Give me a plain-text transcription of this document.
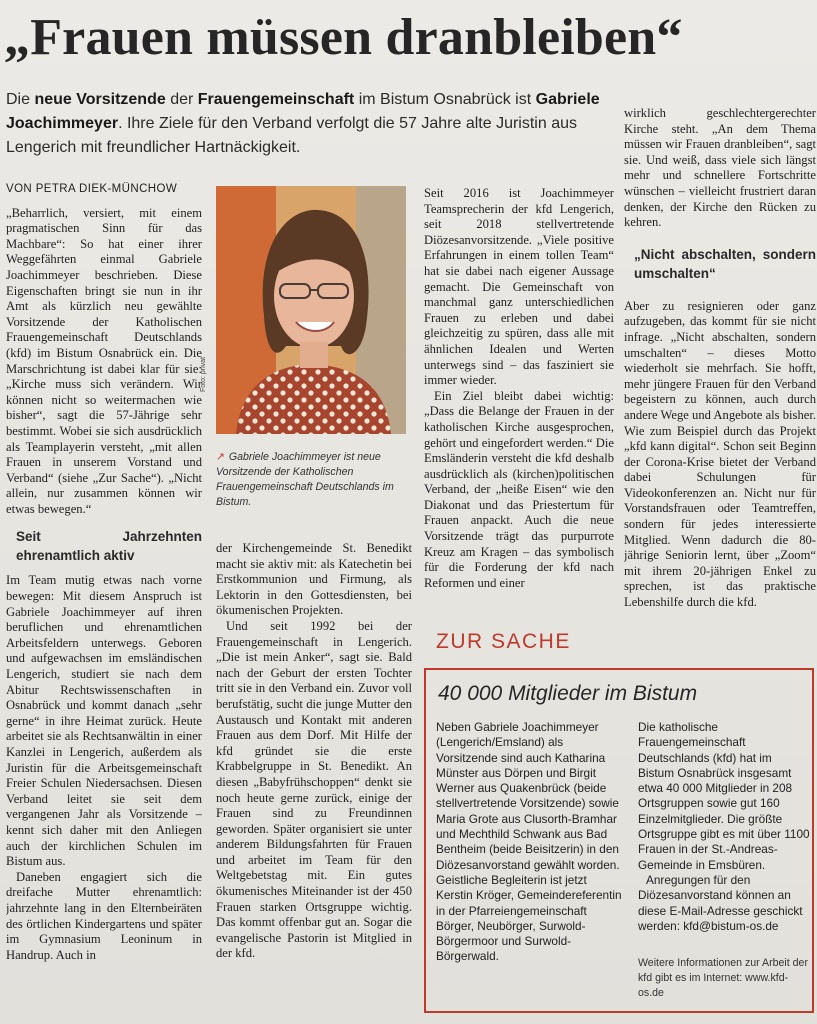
„Frauen müssen dranbleiben“
Die neue Vorsitzende der Frauengemeinschaft im Bistum Osnabrück ist Gabriele Joachimmeyer. Ihre Ziele für den Verband verfolgt die 57 Jahre alte Juristin aus Lengerich mit freundlicher Hartnäckigkeit.
VON PETRA DIEK-MÜNCHOW

„Beharrlich, versiert, mit einem pragmatischen Sinn für das Machbare“: So hat einer ihrer Weggefährten einmal Gabriele Joachimmeyer beschrieben. Diese Eigenschaften bringt sie nun in ihr Amt als kürzlich neu gewählte Vorsitzende der Katholischen Frauengemeinschaft Deutschlands (kfd) im Bistum Osnabrück ein. Die Marschrichtung ist dabei klar für sie: „Kirche muss sich verändern. Wir können nicht so weitermachen wie bisher“, sagt die 57-Jährige sehr bestimmt. Wobei sie sich ausdrücklich als Teamplayerin versteht, „mit allen Frauen in unserem Vorstand und Verband“ (siehe „Zur Sache“). „Nicht allein, nur zusammen können wir etwas bewegen.“

Seit Jahrzehnten ehrenamtlich aktiv

Im Team mutig etwas nach vorne bewegen: Mit diesem Anspruch ist Gabriele Joachimmeyer auf ihren beruflichen und ehrenamtlichen Arbeitsfeldern unterwegs. Geboren und aufgewachsen im emsländischen Lengerich, studiert sie nach dem Abitur Rechtswissenschaften in Osnabrück und kommt danach „sehr gerne“ in ihre Heimat zurück. Heute arbeitet sie als Rechtsanwältin in einer Kanzlei in Lengerich, außerdem als Juristin für die Arbeitsgemeinschaft Freier Schulen Niedersachsen. Diesen Verband leitet sie seit dem vergangenen Jahr als Vorsitzende – kennt sich daher mit den Anliegen auch der kirchlichen Schulen im Bistum aus.

Daneben engagiert sich die dreifache Mutter ehrenamtlich: jahrzehnte lang in den Elternbeiräten des örtlichen Kindergartens und später im Gymnasium Leoninum in Handrup. Auch in

Foto: privat
↗ Gabriele Joachimmeyer ist neue Vorsitzende der Katholischen Frauengemeinschaft Deutschlands im Bistum.

der Kirchengemeinde St. Benedikt macht sie aktiv mit: als Katechetin bei Erstkommunion und Firmung, als Lektorin in den Gottesdiensten, bei ökumenischen Projekten.

Und seit 1992 bei der Frauengemeinschaft in Lengerich. „Die ist mein Anker“, sagt sie. Bald nach der Geburt der ersten Tochter tritt sie in den Verband ein. Zuvor voll berufstätig, sucht die junge Mutter den Austausch und Kontakt mit anderen Frauen aus dem Dorf. Mit Hilfe der kfd gründet sie die erste Krabbelgruppe in St. Benedikt. An diesen „Babyfrühschoppen“ denkt sie noch heute gerne zurück, einige der Frauen sind zu Freundinnen geworden. Später organisiert sie unter anderem Bildungsfahrten für Frauen und arbeitet im Team für den Weltgebetstag mit. Ein gutes ökumenisches Miteinander ist der 450 Frauen starken Ortsgruppe wichtig. Das kommt offenbar gut an. Sogar die evangelische Pastorin ist Mitglied in der kfd.

Seit 2016 ist Joachimmeyer Teamsprecherin der kfd Lengerich, seit 2018 stellvertretende Diözesanvorsitzende. „Viele positive Erfahrungen in einem tollen Team“ hat sie dabei nach eigener Aussage gemacht. Die Gemeinschaft von manchmal ganz unterschiedlichen Frauen zu erleben und dabei gleichzeitig zu spüren, dass alle mit ähnlichen Idealen und Werten unterwegs sind – das fasziniert sie immer wieder.

Ein Ziel bleibt dabei wichtig: „Dass die Belange der Frauen in der katholischen Kirche ausgesprochen, gehört und eingefordert werden.“ Die Emsländerin versteht die kfd deshalb ausdrücklich als (kirchen)politischen Verband, der „heiße Eisen“ wie den Diakonat und das Priestertum für Frauen anpackt. Auch die neue Vorsitzende trägt das purpurrote Kreuz am Kragen – das symbolisch für die Forderung der kfd nach Reformen und einer

wirklich geschlechtergerechter Kirche steht. „An dem Thema müssen wir Frauen dranbleiben“, sagt sie. Und weiß, dass viele sich längst mehr und schnellere Fortschritte wünschen – vielleicht frustriert daran denken, der Kirche den Rücken zu kehren.

„Nicht abschalten, sondern umschalten“

Aber zu resignieren oder ganz aufzugeben, das kommt für sie nicht infrage. „Nicht abschalten, sondern umschalten“ – dieses Motto wiederholt sie mehrfach. Sie hofft, mehr jüngere Frauen für den Verband begeistern zu können, auch durch andere Wege und Angebote als bisher. Wie zum Beispiel durch das Projekt „kfd kann digital“. Schon seit Beginn der Corona-Krise bietet der Verband dabei Schulungen für Videokonferenzen an. Nicht nur für Vorstandsfrauen oder Teamtreffen, sondern für jedes interessierte Mitglied. Wenn dadurch die 80-jährige Seniorin lernt, über „Zoom“ mit ihrem 20-jährigen Enkel zu sprechen, ist das praktische Lebenshilfe durch die kfd.

ZUR SACHE
40 000 Mitglieder im Bistum

Neben Gabriele Joachimmeyer (Lengerich/Emsland) als Vorsitzende sind auch Katharina Münster aus Dörpen und Birgit Werner aus Quakenbrück (beide stellvertretende Vorsitzende) sowie Maria Grote aus Clusorth-Bramhar und Mechthild Schwank aus Bad Bentheim (beide Beisitzerin) in den Diözesanvorstand gewählt worden. Geistliche Begleiterin ist jetzt Kerstin Kröger, Gemeindereferentin in der Pfarreiengemeinschaft Börger, Neubörger, Surwold-Börgermoor und Surwold-Börgerwald.

Die katholische Frauengemeinschaft Deutschlands (kfd) hat im Bistum Osnabrück insgesamt etwa 40 000 Mitglieder in 208 Ortsgruppen sowie gut 160 Einzelmitglieder. Die größte Ortsgruppe gibt es mit über 1100 Frauen in der St.-Andreas-Gemeinde in Emsbüren.

Anregungen für den Diözesanvorstand können an diese E-Mail-Adresse geschickt werden: kfd@bistum-os.de

Weitere Informationen zur Arbeit der kfd gibt es im Internet: www.kfd-os.de
